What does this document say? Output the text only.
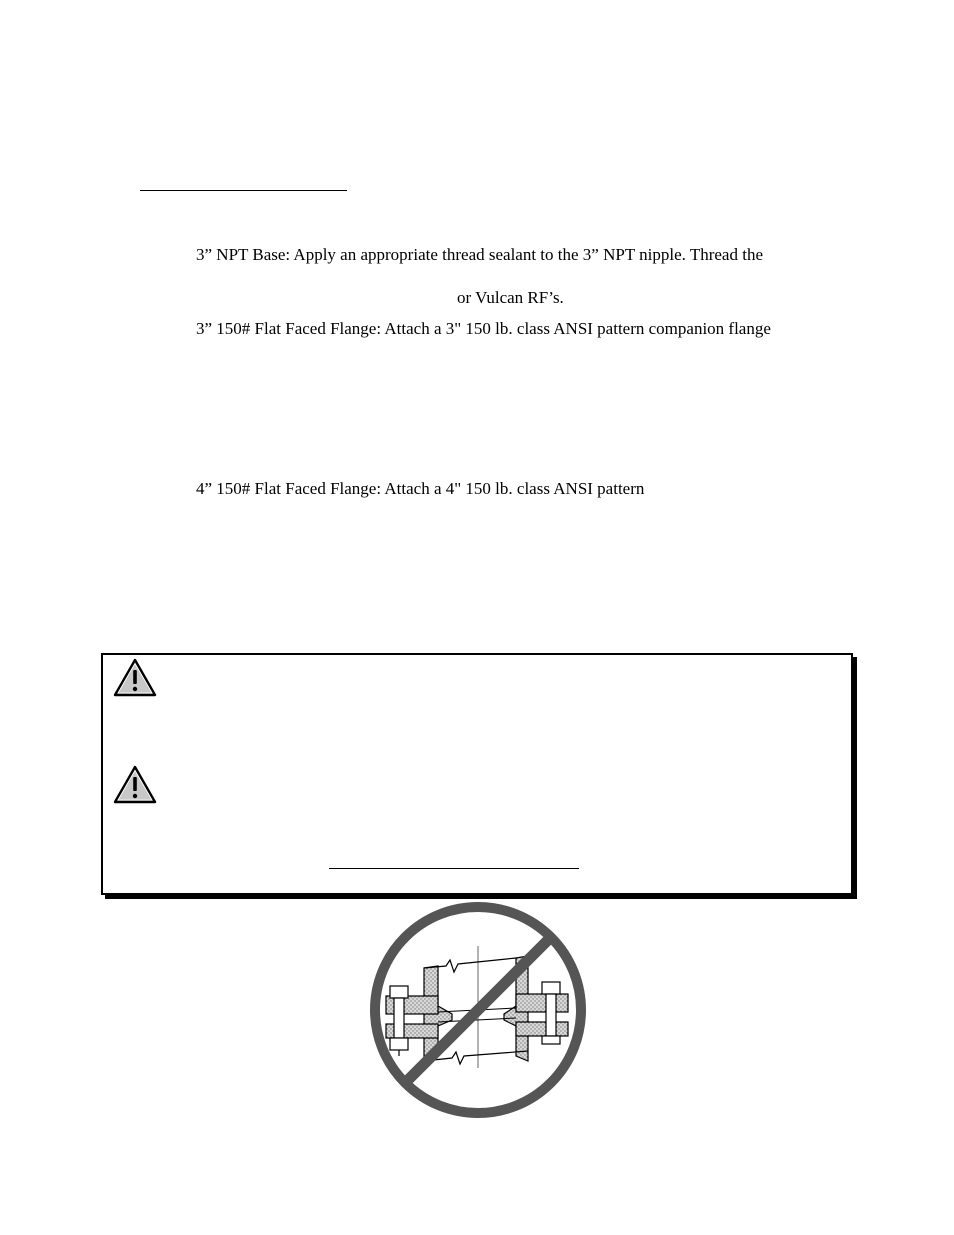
3” NPT Base: Apply an appropriate thread sealant to the 3” NPT nipple. Thread the
or Vulcan RF’s.
3” 150# Flat Faced Flange: Attach a 3" 150 lb. class ANSI pattern companion flange
4” 150# Flat Faced Flange: Attach a 4" 150 lb. class ANSI pattern
